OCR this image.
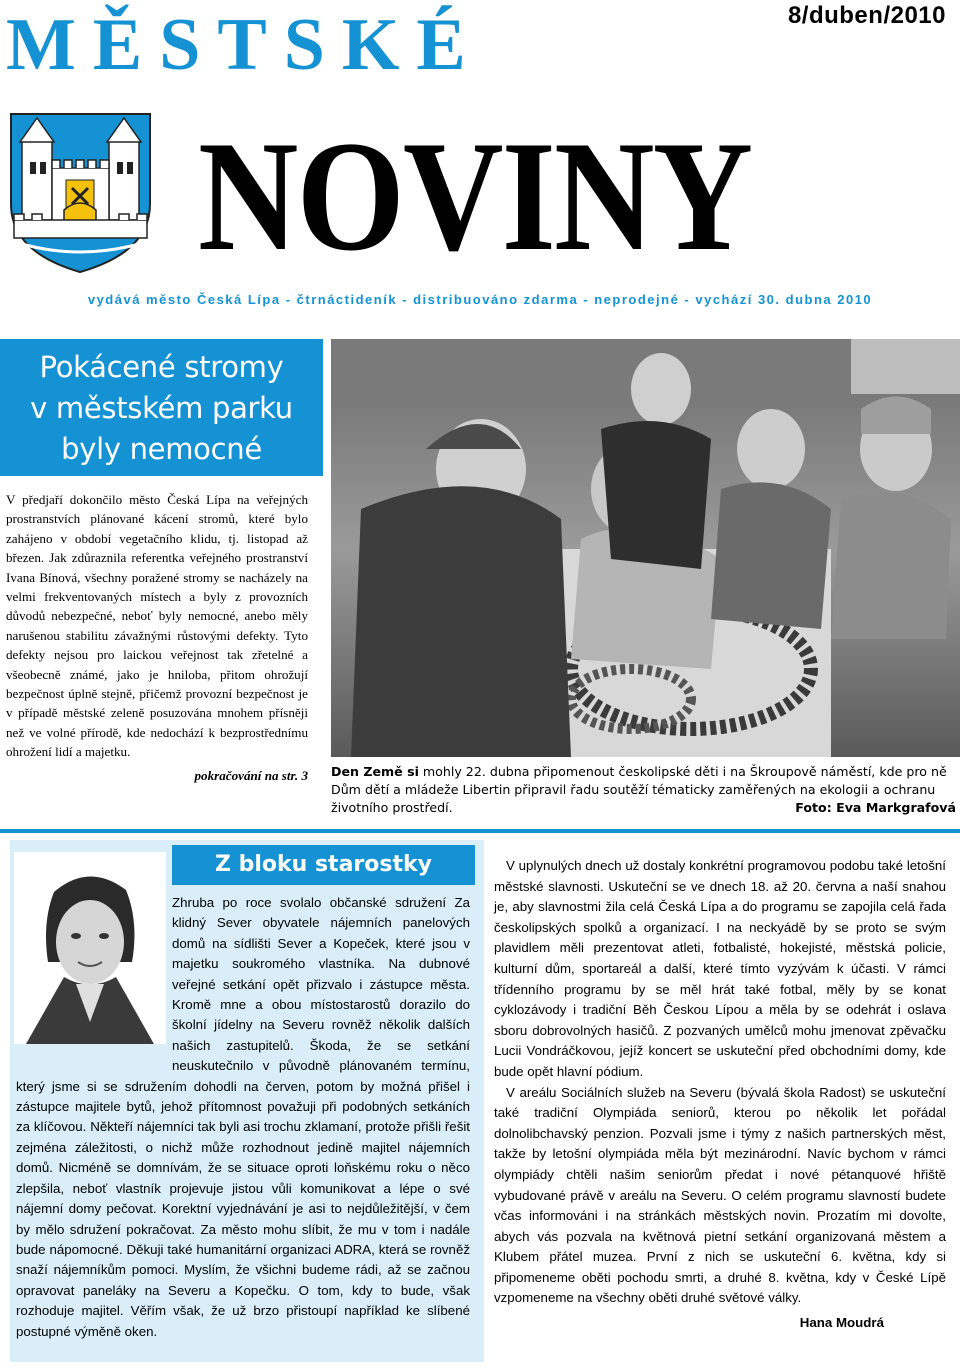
8/duben/2010
MĚSTSKÉ
NOVINY
vydává město Česká Lípa - čtrnáctideník - distribuováno zdarma - neprodejné - vychází 30. dubna 2010
Pokácené stromy
v městském parku
byly nemocné
V předjaří dokončilo město Česká Lípa na veřejných prostranstvích plánované kácení stromů, které bylo zahájeno v období vegetačního klidu, tj. listopad až březen. Jak zdůraznila referentka veřejného prostranství Ivana Bínová, všechny poražené stromy se nacházely na velmi frekventovaných místech a byly z provozních důvodů nebezpečné, neboť byly nemocné, anebo měly narušenou stabilitu závažnými růstovými defekty. Tyto defekty nejsou pro laickou veřejnost tak zřetelné a všeobecně známé, jako je hniloba, přitom ohrožují bezpečnost úplně stejně, přičemž provozní bezpečnost je v případě městské zeleně posuzována mnohem přísněji než ve volné přírodě, kde nedochází k bezprostřednímu ohrožení lidí a majetku.
pokračování na str. 3 Den Země si mohly 22. dubna připomenout českolipské děti i na Škroupově náměstí, kde pro ně Dům dětí a mládeže Libertin připravil řadu soutěží tématicky zaměřených na ekologii a ochranu životního prostředí.	Foto: Eva Markgrafová
Z bloku starostky
Zhruba po roce svolalo občanské sdružení Za klidný Sever obyvatele nájemních panelových domů na sídlišti Sever a Kopeček, které jsou v majetku soukromého vlastníka. Na dubnové veřejné setkání opět přizvalo i zástupce města. Kromě mne a obou místostarostů dorazilo do školní jídelny na Severu rovněž několik dalších našich zastupitelů. Škoda, že se setkání neuskutečnilo v původně plánovaném termínu, který jsme si se sdružením dohodli na červen, potom by možná přišel i zástupce majitele bytů, jehož přítomnost považuji při podobných setkáních za klíčovou. Někteří nájemníci tak byli asi trochu zklamaní, protože přišli řešit zejména záležitosti, o nichž může rozhodnout jedině majitel nájemních domů. Nicméně se domnívám, že se situace oproti loňskému roku o něco zlepšila, neboť vlastník projevuje jistou vůli komunikovat a lépe o své nájemní domy pečovat. Korektní vyjednávání je asi to nejdůležitější, v čem by mělo sdružení pokračovat. Za město mohu slíbit, že mu v tom i nadále bude nápomocné. Děkuji také humanitární organizaci ADRA, která se rovněž snaží nájemníkům pomoci. Myslím, že všichni budeme rádi, až se začnou opravovat paneláky na Severu a Kopečku. O tom, kdy to bude, však rozhoduje majitel. Věřím však, že už brzo přistoupí například ke slíbené postupné výměně oken.

V uplynulých dnech už dostaly konkrétní programovou podobu také letošní městské slavnosti. Uskuteční se ve dnech 18. až 20. června a naší snahou je, aby slavnostmi žila celá Česká Lípa a do programu se zapojila celá řada českolipských spolků a organizací. I na neckyádě by se proto se svým plavidlem měli prezentovat atleti, fotbalisté, hokejisté, městská policie, kulturní dům, sportareál a další, které tímto vyzývám k účasti. V rámci třídenního programu by se měl hrát také fotbal, měly by se konat cyklozávody i tradiční Běh Českou Lípou a měla by se odehrát i oslava sboru dobrovolných hasičů. Z pozvaných umělců mohu jmenovat zpěvačku Lucii Vondráčkovou, jejíž koncert se uskuteční před obchodními domy, kde bude opět hlavní pódium.

V areálu Sociálních služeb na Severu (bývalá škola Radost) se uskuteční také tradiční Olympiáda seniorů, kterou po několik let pořádal dolnolibchavský penzion. Pozvali jsme i týmy z našich partnerských měst, takže by letošní olympiáda měla být mezinárodní. Navíc bychom v rámci olympiády chtěli našim seniorům předat i nové pétanquové hřiště vybudované právě v areálu na Severu. O celém programu slavností budete včas informováni i na stránkách městských novin. Prozatím mi dovolte, abych vás pozvala na květnová pietní setkání organizovaná městem a Klubem přátel muzea. První z nich se uskuteční 6. května, kdy si připomeneme oběti pochodu smrti, a druhé 8. května, kdy v České Lípě vzpomeneme na všechny oběti druhé světové války.

Hana Moudrá
